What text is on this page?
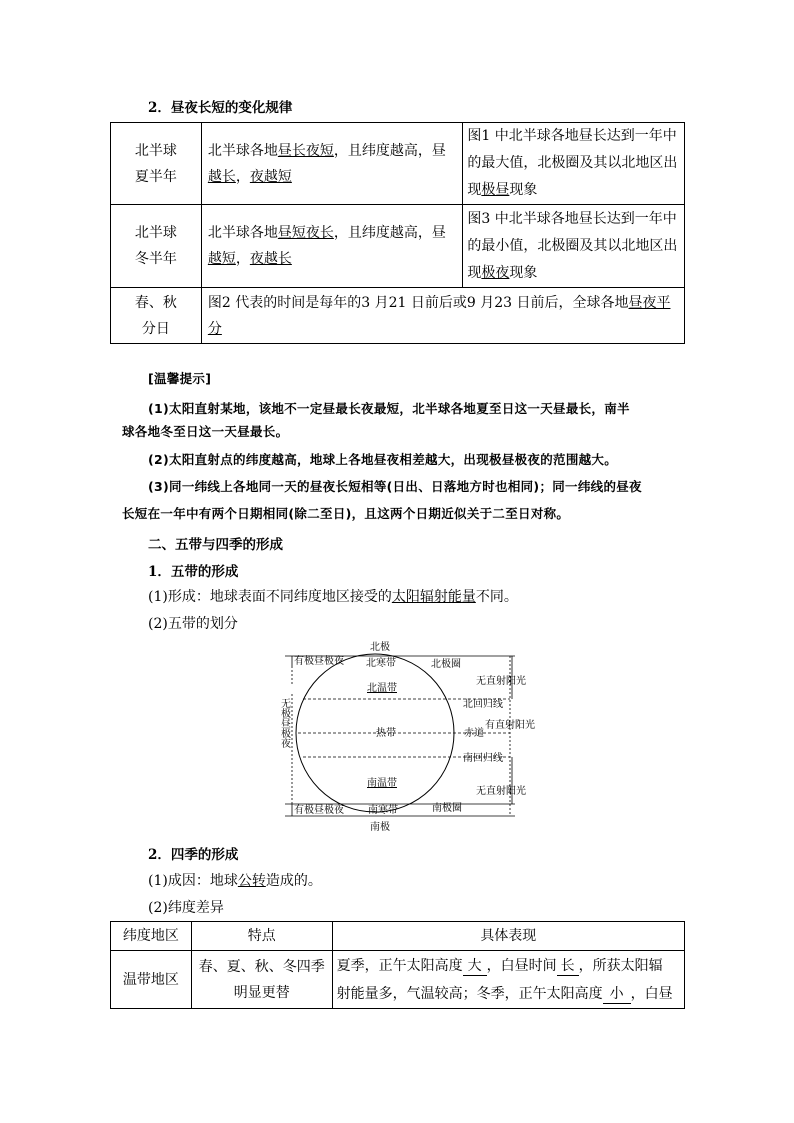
2．昼夜长短的变化规律
北半球
夏半年	北半球各地昼长夜短，且纬度越高，昼越长，夜越短	图1 中北半球各地昼长达到一年中的最大值，北极圈及其以北地区出现极昼现象
北半球
冬半年	北半球各地昼短夜长，且纬度越高，昼越短，夜越长	图3 中北半球各地昼长达到一年中的最小值，北极圈及其以北地区出现极夜现象
春、秋
分日	图2 代表的时间是每年的3 月21 日前后或9 月23 日前后，全球各地昼夜平分	
[温馨提示]
(1)太阳直射某地，该地不一定昼最长夜最短，北半球各地夏至日这一天昼最长，南半
球各地冬至日这一天昼最长。
(2)太阳直射点的纬度越高，地球上各地昼夜相差越大，出现极昼极夜的范围越大。
(3)同一纬线上各地同一天的昼夜长短相等(日出、日落地方时也相同)；同一纬线的昼夜
长短在一年中有两个日期相同(除二至日)，且这两个日期近似关于二至日对称。
二、五带与四季的形成
1．五带的形成
(1)形成：地球表面不同纬度地区接受的太阳辐射能量不同。
(2)五带的划分
北极
南极
北寒带	北极圈
有极昼极夜
北温带
北回归线
无直射阳光
热带	赤道
有直射阳光
南回归线
南温带
无直射阳光
南寒带	南极圈
有极昼极夜
无极昼极夜
2．四季的形成
(1)成因：地球公转造成的。
(2)纬度差异
纬度地区	特点	具体表现
温带地区	春、夏、秋、冬四季
明显更替	夏季，正午太阳高度 大 ，白昼时间 长 ，所获太阳辐
射能量多，气温较高；冬季，正午太阳高度 小 ，白昼
